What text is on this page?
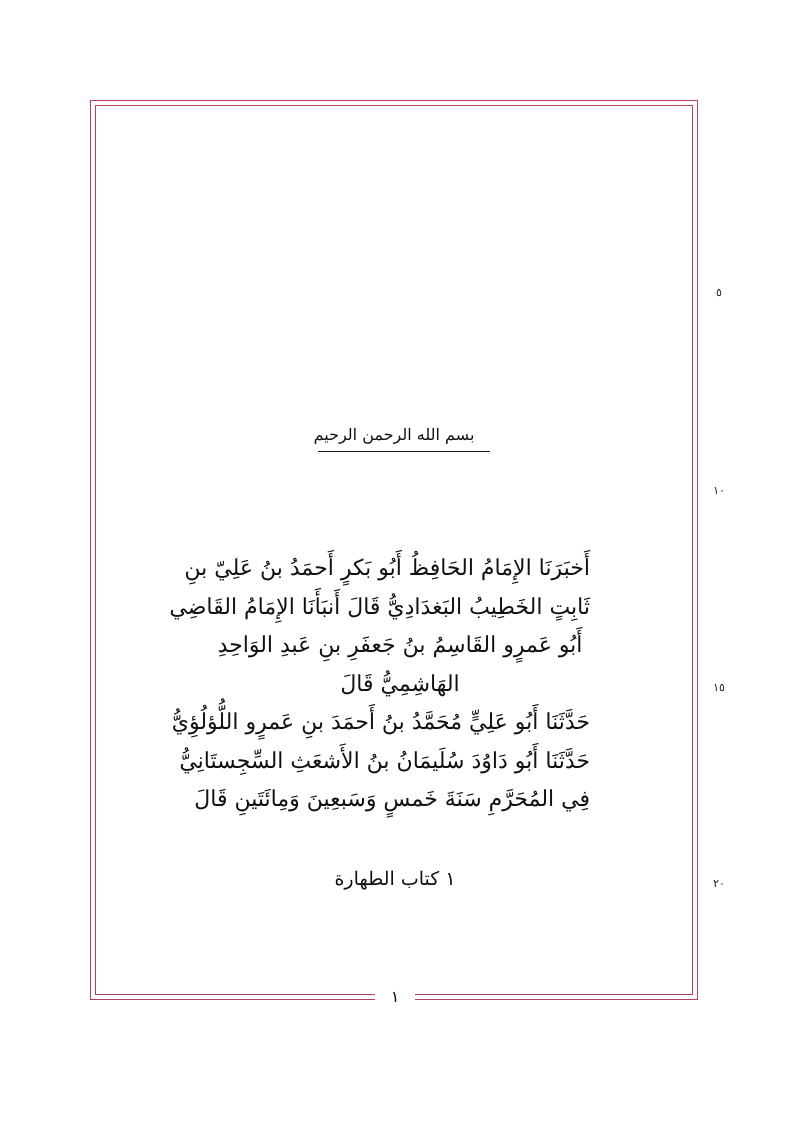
٥
١٠
١٥
٢٠
بسم الله الرحمن الرحيم
أَخبَرَنَا الإِمَامُ الحَافِظُ أَبُو بَكرٍ أَحمَدُ بنُ عَلِيّ بنِ
ثَابِتٍ الخَطِيبُ البَغدَادِيُّ قَالَ أَنبَأَنَا الإِمَامُ القَاضِي
أَبُو عَمرٍو القَاسِمُ بنُ جَعفَرِ بنِ عَبدِ الوَاحِدِ
الهَاشِمِيُّ قَالَ
حَدَّثَنَا أَبُو عَلِيٍّ مُحَمَّدُ بنُ أَحمَدَ بنِ عَمرٍو اللُّؤلُؤِيُّ
حَدَّثَنَا أَبُو دَاوُدَ سُلَيمَانُ بنُ الأَشعَثِ السِّجِستَانِيُّ
فِي المُحَرَّمِ سَنَةَ خَمسٍ وَسَبعِينَ وَمِائَتَينِ قَالَ
١ كتاب الطهارة
١
